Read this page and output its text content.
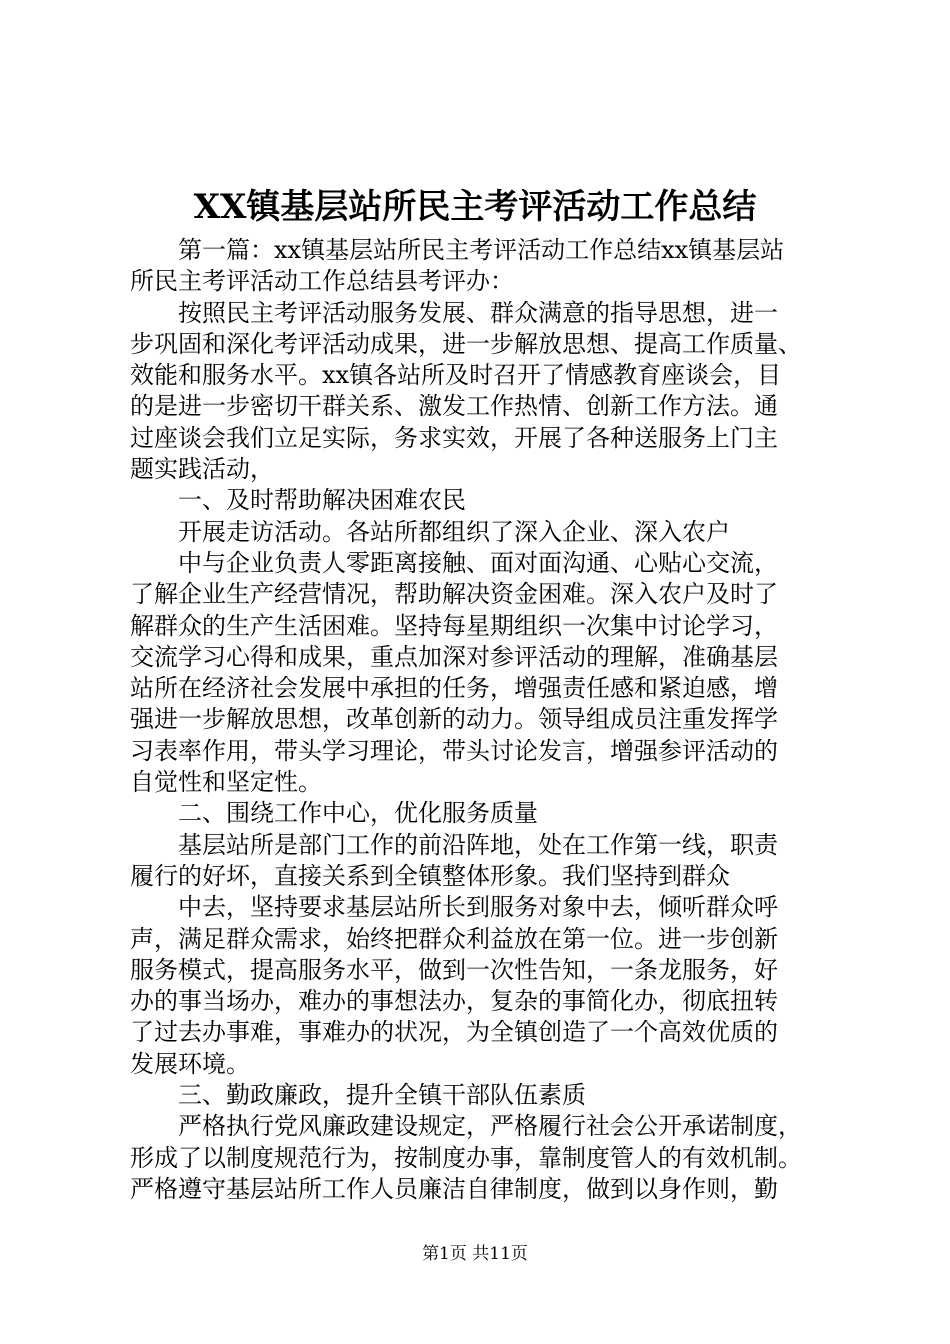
XX镇基层站所民主考评活动工作总结
第一篇：xx镇基层站所民主考评活动工作总结xx镇基层站
所民主考评活动工作总结县考评办：
按照民主考评活动服务发展、群众满意的指导思想，进一
步巩固和深化考评活动成果，进一步解放思想、提高工作质量、
效能和服务水平。xx镇各站所及时召开了情感教育座谈会，目
的是进一步密切干群关系、激发工作热情、创新工作方法。通
过座谈会我们立足实际，务求实效，开展了各种送服务上门主
题实践活动，
一、及时帮助解决困难农民
开展走访活动。各站所都组织了深入企业、深入农户
中与企业负责人零距离接触、面对面沟通、心贴心交流，
了解企业生产经营情况，帮助解决资金困难。深入农户及时了
解群众的生产生活困难。坚持每星期组织一次集中讨论学习，
交流学习心得和成果，重点加深对参评活动的理解，准确基层
站所在经济社会发展中承担的任务，增强责任感和紧迫感，增
强进一步解放思想，改革创新的动力。领导组成员注重发挥学
习表率作用，带头学习理论，带头讨论发言，增强参评活动的
自觉性和坚定性。
二、围绕工作中心，优化服务质量
基层站所是部门工作的前沿阵地，处在工作第一线，职责
履行的好坏，直接关系到全镇整体形象。我们坚持到群众
中去，坚持要求基层站所长到服务对象中去，倾听群众呼
声，满足群众需求，始终把群众利益放在第一位。进一步创新
服务模式，提高服务水平，做到一次性告知，一条龙服务，好
办的事当场办，难办的事想法办，复杂的事简化办，彻底扭转
了过去办事难，事难办的状况，为全镇创造了一个高效优质的
发展环境。
三、勤政廉政，提升全镇干部队伍素质
严格执行党风廉政建设规定，严格履行社会公开承诺制度，
形成了以制度规范行为，按制度办事，靠制度管人的有效机制。
严格遵守基层站所工作人员廉洁自律制度，做到以身作则，勤
第1页 共11页
